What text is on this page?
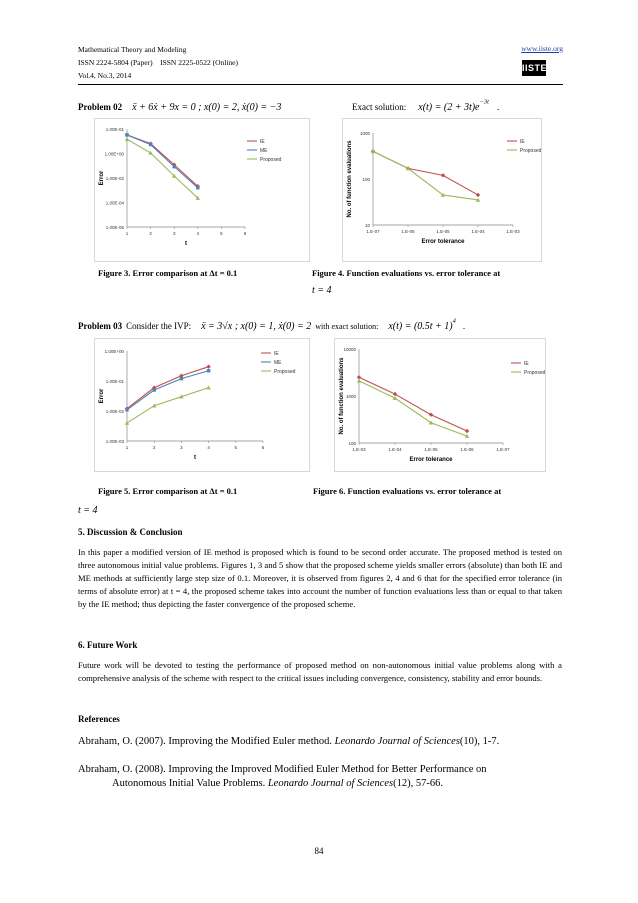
Mathematical Theory and Modeling
ISSN 2224-5804 (Paper)    ISSN 2225-0522 (Online)
Vol.4, No.3, 2014
www.iiste.org
IISTE
Problem 02 ẍ + 6ẋ + 9x = 0 ; x(0) = 2, ẋ(0) = −3	Exact solution: $x(t) = (2 + 3t)e^{-3t}$ .
1.00E-06
1.00E-04
1.00E-02
1.00E+00
1.00E-01
1	2	3	4	5	6
t
Error
IE
ME
Proposed
10
100
1000
1.E-07	1.E-06	1.E-05	1.E-04	1.E-03
Error tolerance
No. of function evaluations	IE
Proposed
Figure 3. Error comparison at Δt = 0.1	Figure 4. Function evaluations vs. error tolerance at
t = 4
Problem 03 Consider the IVP: ẍ = 3√x ; x(0) = 1, ẋ(0) = 2 with exact solution: $x(t) = (0.5t + 1)^4$ .
1.00E-03
1.00E-02
1.00E-01
1.00E+00
1	2	3	4	5	6
t
Error
IE
ME
Proposed
100
1000
10000
1.E-03	1.E-04	1.E-05	1.E-06	1.E-07
Error tolerance
No. of function evaluations	IE
Proposed
Figure 5. Error comparison at Δt = 0.1	Figure 6. Function evaluations vs. error tolerance at
t = 4
5. Discussion & Conclusion
In this paper a modified version of IE method is proposed which is found to be second order accurate. The proposed method is tested on three autonomous initial value problems. Figures 1, 3 and 5 show that the proposed scheme yields smaller errors (absolute) than both IE and ME methods at sufficiently large step size of 0.1. Moreover, it is observed from figures 2, 4 and 6 that for the specified error tolerance (in terms of absolute error) at t = 4, the proposed scheme takes into account the number of function evaluations less than or equal to that taken by the IE method; thus depicting the faster convergence of the proposed scheme.
6. Future Work
Future work will be devoted to testing the performance of proposed method on non-autonomous initial value problems along with a comprehensive analysis of the scheme with respect to the critical issues including convergence, consistency, stability and error bounds.
References
Abraham, O. (2007). Improving the Modified Euler method. Leonardo Journal of Sciences(10), 1-7.
Abraham, O. (2008). Improving the Improved Modified Euler Method for Better Performance on
Autonomous Initial Value Problems. Leonardo Journal of Sciences(12), 57-66.
84
